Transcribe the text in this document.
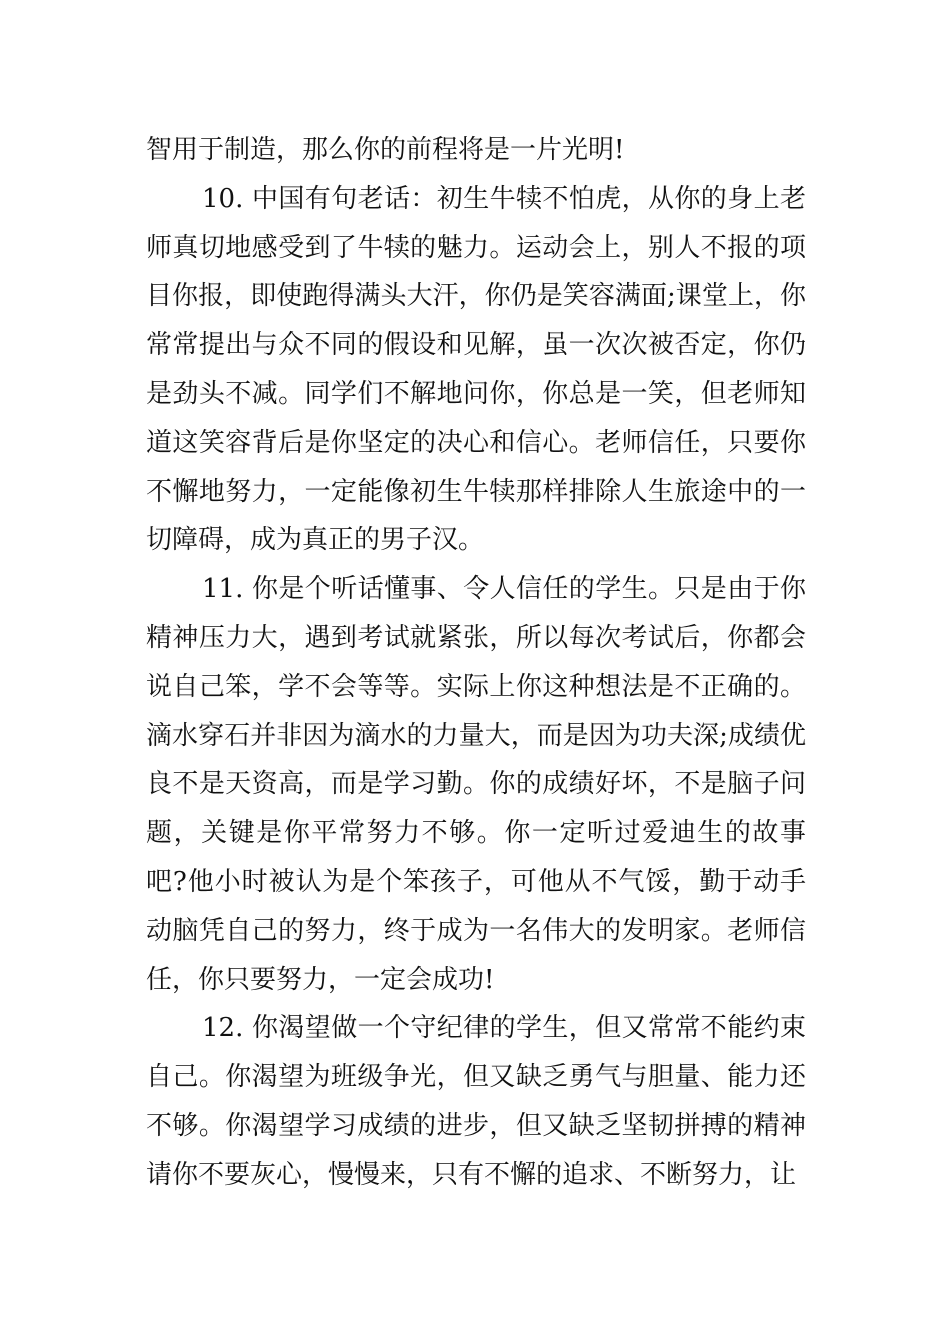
智用于制造，那么你的前程将是一片光明!

10. 中国有句老话：初生牛犊不怕虎，从你的身上老师真切地感受到了牛犊的魅力。运动会上，别人不报的项目你报，即使跑得满头大汗，你仍是笑容满面;课堂上，你常常提出与众不同的假设和见解，虽一次次被否定，你仍是劲头不减。同学们不解地问你，你总是一笑，但老师知道这笑容背后是你坚定的决心和信心。老师信任，只要你不懈地努力，一定能像初生牛犊那样排除人生旅途中的一切障碍，成为真正的男子汉。

11. 你是个听话懂事、令人信任的学生。只是由于你精神压力大，遇到考试就紧张，所以每次考试后，你都会说自己笨，学不会等等。实际上你这种想法是不正确的。滴水穿石并非因为滴水的力量大，而是因为功夫深;成绩优良不是天资高，而是学习勤。你的成绩好坏，不是脑子问题，关键是你平常努力不够。你一定听过爱迪生的故事吧?他小时被认为是个笨孩子，可他从不气馁，勤于动手动脑凭自己的努力，终于成为一名伟大的发明家。老师信任，你只要努力，一定会成功!

12. 你渴望做一个守纪律的学生，但又常常不能约束自己。你渴望为班级争光，但又缺乏勇气与胆量、能力还不够。你渴望学习成绩的进步，但又缺乏坚韧拼搏的精神请你不要灰心，慢慢来，只有不懈的追求、不断努力，让
